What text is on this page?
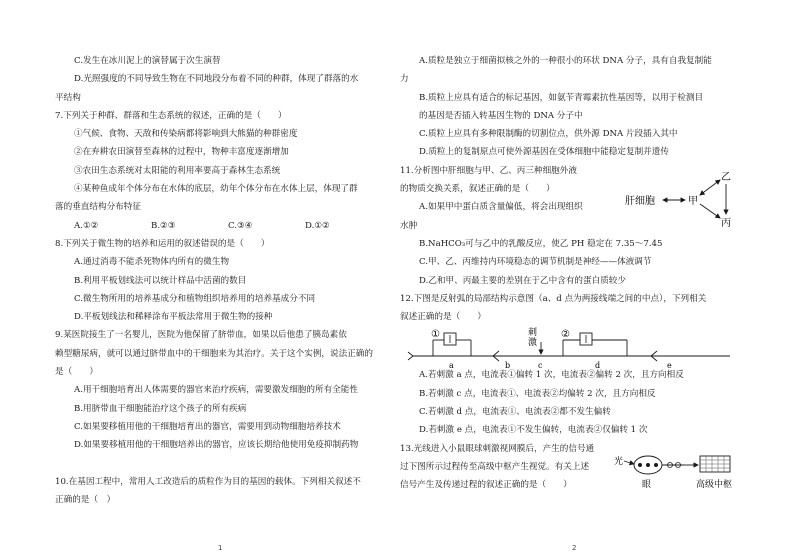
C.发生在冰川泥上的演替属于次生演替
D.光照强度的不同导致生物在不同地段分布着不同的种群，体现了群落的水
平结构
7.下列关于种群、群落和生态系统的叙述，正确的是（　　）
①气候、食物、天敌和传染病都将影响到大熊猫的种群密度
②在弃耕农田演替至森林的过程中，物种丰富度逐渐增加
③农田生态系统对太阳能的利用率要高于森林生态系统
④某种鱼成年个体分布在水体的底层，幼年个体分布在水体上层，体现了群
落的垂直结构分布特征
A.①②	B.②③	C.③④	D.①②
8.下列关于微生物的培养和运用的叙述错误的是（　　）
A.通过消毒不能杀死物体内所有的微生物
B.利用平板划线法可以统计样品中活菌的数目
C.微生物所用的培养基成分和植物组织培养用的培养基成分不同
D.平板划线法和稀释涂布平板法常用于微生物的接种
9.某医院接生了一名婴儿，医院为他保留了脐带血，如果以后他患了胰岛素依
赖型糖尿病，就可以通过脐带血中的干细胞来为其治疗。关于这个实例，说法正确的
是（　　）
A.用干细胞培育出人体需要的器官来治疗疾病，需要激发细胞的所有全能性
B.用脐带血干细胞能治疗这个孩子的所有疾病
C.如果要移植用他的干细胞培育出的器官，需要用到动物细胞培养技术
D.如果要移植用他的干细胞培养出的器官，应该长期给他使用免疫抑制药物
10.在基因工程中，常用人工改造后的质粒作为目的基因的载体。下列相关叙述不
正确的是（　）
A.质粒是独立于细菌拟核之外的一种很小的环状 DNA 分子，具有自我复制能
力
B.质粒上应具有适合的标记基因，如氨苄青霉素抗性基因等，以用于检测目
的基因是否插入转基因生物的 DNA 分子中
C.质粒上应具有多种限制酶的切割位点，供外源 DNA 片段插入其中
D.质粒上的复制原点可使外源基因在受体细胞中能稳定复制并遗传
11.分析图中肝细胞与甲、乙、丙三种细胞外液
的物质交换关系，叙述正确的是（　　）
A.如果甲中蛋白质含量偏低，将会出现组织
水肿
B.NaHCO₃可与乙中的乳酸反应，使乙 PH 稳定在 7.35～7.45
C.甲、乙、丙维持内环境稳态的调节机制是神经——体液调节
D.乙和甲、丙最主要的差别在于乙中含有的蛋白质较少
12.下图是反射弧的局部结构示意图（a、d 点为两接线端之间的中点），下列相关
叙述正确的是（　　）
A.若刺激 a 点，电流表①偏转 1 次，电流表②偏转 2 次，且方向相反
B.若刺激 c 点，电流表①、电流表②均偏转 2 次，且方向相反
C.若刺激 d 点，电流表①、电流表②都不发生偏转
D.若刺激 e 点，电流表①不发生偏转，电流表②仅偏转 1 次
13.光线进入小鼠眼球刺激视网膜后，产生的信号通
过下图所示过程传至高级中枢产生视觉。有关上述
信号产生及传递过程的叙述正确的是（　　）
肝细胞	甲
乙
丙
①	刺
激
②
a	b	c	d	e
光
眼	高级中枢
1	2
